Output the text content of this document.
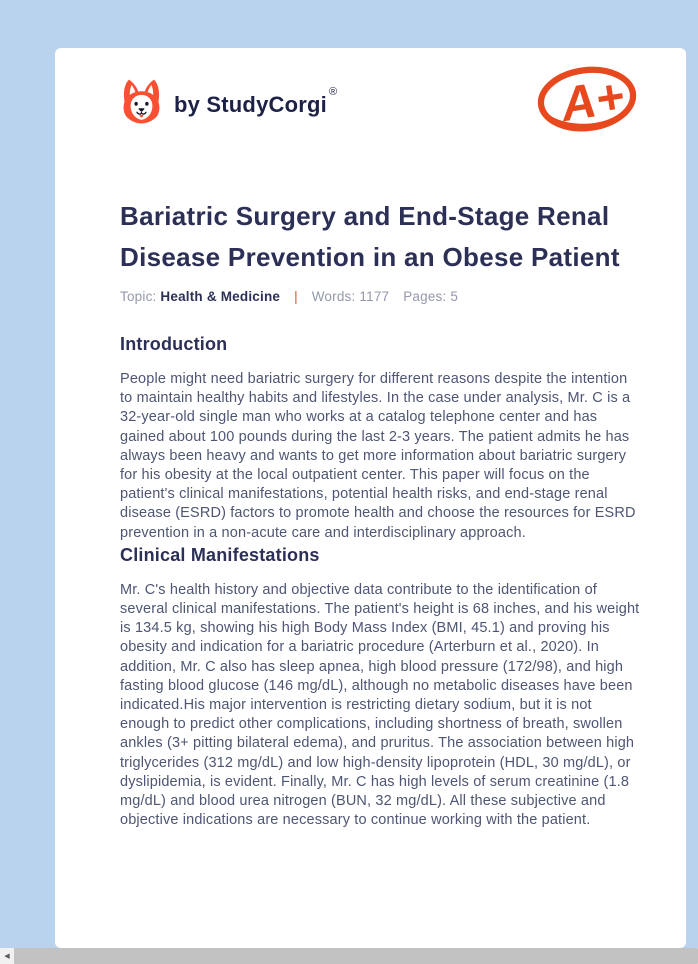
by StudyCorgi ®	A+
Bariatric Surgery and End-Stage Renal Disease Prevention in an Obese Patient
Topic: Health & Medicine | Words: 1177 Pages: 5
Introduction

People might need bariatric surgery for different reasons despite the intention to maintain healthy habits and lifestyles. In the case under analysis, Mr. C is a 32-year-old single man who works at a catalog telephone center and has gained about 100 pounds during the last 2-3 years. The patient admits he has always been heavy and wants to get more information about bariatric surgery for his obesity at the local outpatient center. This paper will focus on the patient's clinical manifestations, potential health risks, and end-stage renal disease (ESRD) factors to promote health and choose the resources for ESRD prevention in a non-acute care and interdisciplinary approach.

Clinical Manifestations

Mr. C's health history and objective data contribute to the identification of several clinical manifestations. The patient's height is 68 inches, and his weight is 134.5 kg, showing his high Body Mass Index (BMI, 45.1) and proving his obesity and indication for a bariatric procedure (Arterburn et al., 2020). In addition, Mr. C also has sleep apnea, high blood pressure (172/98), and high fasting blood glucose (146 mg/dL), although no metabolic diseases have been indicated.His major intervention is restricting dietary sodium, but it is not enough to predict other complications, including shortness of breath, swollen ankles (3+ pitting bilateral edema), and pruritus. The association between high triglycerides (312 mg/dL) and low high-density lipoprotein (HDL, 30 mg/dL), or dyslipidemia, is evident. Finally, Mr. C has high levels of serum creatinine (1.8 mg/dL) and blood urea nitrogen (BUN, 32 mg/dL). All these subjective and objective indications are necessary to continue working with the patient.

◀
